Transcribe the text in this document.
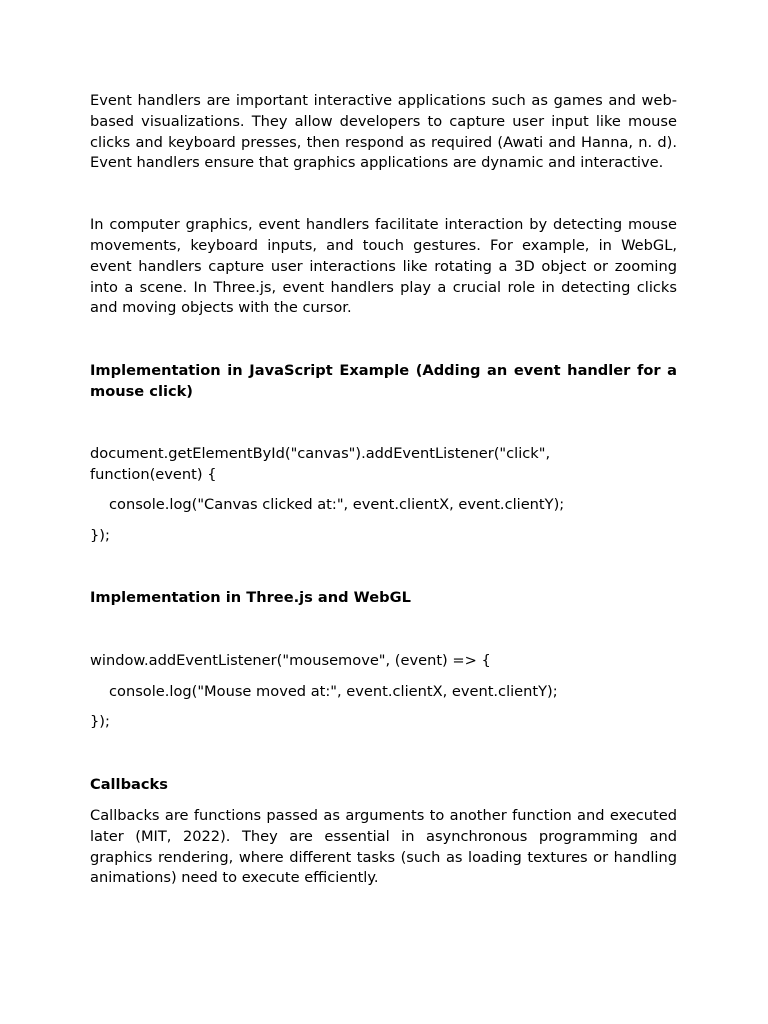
Event handlers are important interactive applications such as games and web-based visualizations. They allow developers to capture user input like mouse clicks and keyboard presses, then respond as required (Awati and Hanna, n. d). Event handlers ensure that graphics applications are dynamic and interactive.

In computer graphics, event handlers facilitate interaction by detecting mouse movements, keyboard inputs, and touch gestures. For example, in WebGL, event handlers capture user interactions like rotating a 3D object or zooming into a scene. In Three.js, event handlers play a crucial role in detecting clicks and moving objects with the cursor.

Implementation in JavaScript Example (Adding an event handler for a mouse click)

document.getElementById("canvas").addEventListener("click", function(event) {

console.log("Canvas clicked at:", event.clientX, event.clientY);

});

Implementation in Three.js and WebGL

window.addEventListener("mousemove", (event) => {

console.log("Mouse moved at:", event.clientX, event.clientY);

});

Callbacks

Callbacks are functions passed as arguments to another function and executed later (MIT, 2022). They are essential in asynchronous programming and graphics rendering, where different tasks (such as loading textures or handling animations) need to execute efficiently.
